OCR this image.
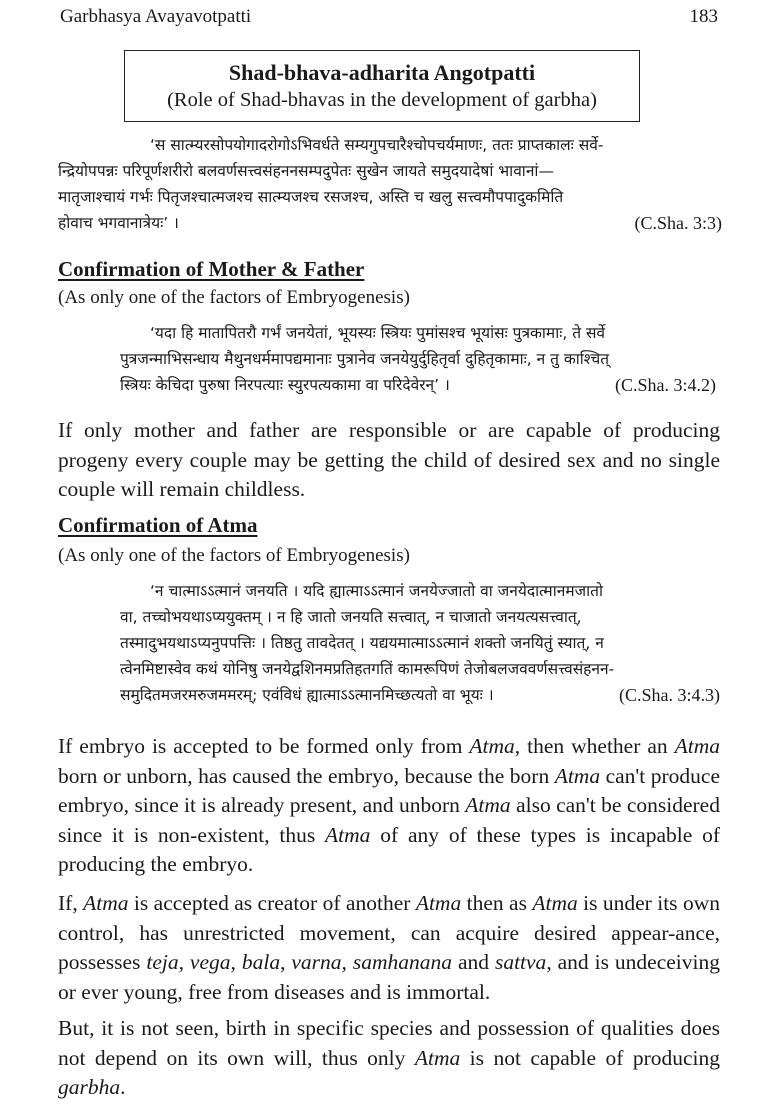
Garbhasya Avayavotpatti	183
Shad-bhava-adharita Angotpatti
(Role of Shad-bhavas in the development of garbha)
‘स सात्म्यरसोपयोगादरोगोऽभिवर्धते सम्यगुपचारैश्चोपचर्यमाणः, ततः प्राप्तकालः सर्वे-
न्द्रियोपपन्नः परिपूर्णशरीरो बलवर्णसत्त्वसंहननसम्पदुपेतः सुखेन जायते समुदयादेषां भावानां—
मातृजाश्चायं गर्भः पितृजश्चात्मजश्च सात्म्यजश्च रसजश्च, अस्ति च खलु सत्त्वमौपपादुकमिति
होवाच भगवानात्रेयः’ ।	(C.Sha. 3:3)
Confirmation of Mother & Father
(As only one of the factors of Embryogenesis)
‘यदा हि मातापितरौ गर्भं जनयेतां, भूयस्यः स्त्रियः पुमांसश्च भूयांसः पुत्रकामाः, ते सर्वे
पुत्रजन्माभिसन्धाय मैथुनधर्ममापद्यमानाः पुत्रानेव जनयेयुर्दुहितृर्वा दुहितृकामाः, न तु काश्चित्
स्त्रियः केचिदा पुरुषा निरपत्याः स्युरपत्यकामा वा परिदेवेरन्’ ।	(C.Sha. 3:4.2)

If only mother and father are responsible or are capable of producing progeny every couple may be getting the child of desired sex and no single couple will remain childless.

Confirmation of Atma
(As only one of the factors of Embryogenesis)
‘न चात्माऽऽत्मानं जनयति । यदि ह्यात्माऽऽत्मानं जनयेज्जातो वा जनयेदात्मानमजातो
वा, तच्चोभयथाऽप्ययुक्तम् । न हि जातो जनयति सत्त्वात्, न चाजातो जनयत्यसत्त्वात्,
तस्मादुभयथाऽप्यनुपपत्तिः । तिष्ठतु तावदेतत् । यद्ययमात्माऽऽत्मानं शक्तो जनयितुं स्यात्, न
त्वेनमिष्टास्वेव कथं योनिषु जनयेद्वशिनमप्रतिहतगतिं कामरूपिणं तेजोबलजववर्णसत्त्वसंहनन-
समुदितमजरमरुजममरम्; एवंविधं ह्यात्माऽऽत्मानमिच्छत्यतो वा भूयः ।	(C.Sha. 3:4.3)

If embryo is accepted to be formed only from Atma, then whether an Atma born or unborn, has caused the embryo, because the born Atma can't produce embryo, since it is already present, and unborn Atma also can't be considered since it is non-existent, thus Atma of any of these types is incapable of producing the embryo.

If, Atma is accepted as creator of another Atma then as Atma is under its own control, has unrestricted movement, can acquire desired appear-ance, possesses teja, vega, bala, varna, samhanana and sattva, and is undeceiving or ever young, free from diseases and is immortal.

But, it is not seen, birth in specific species and possession of qualities does not depend on its own will, thus only Atma is not capable of producing garbha.
